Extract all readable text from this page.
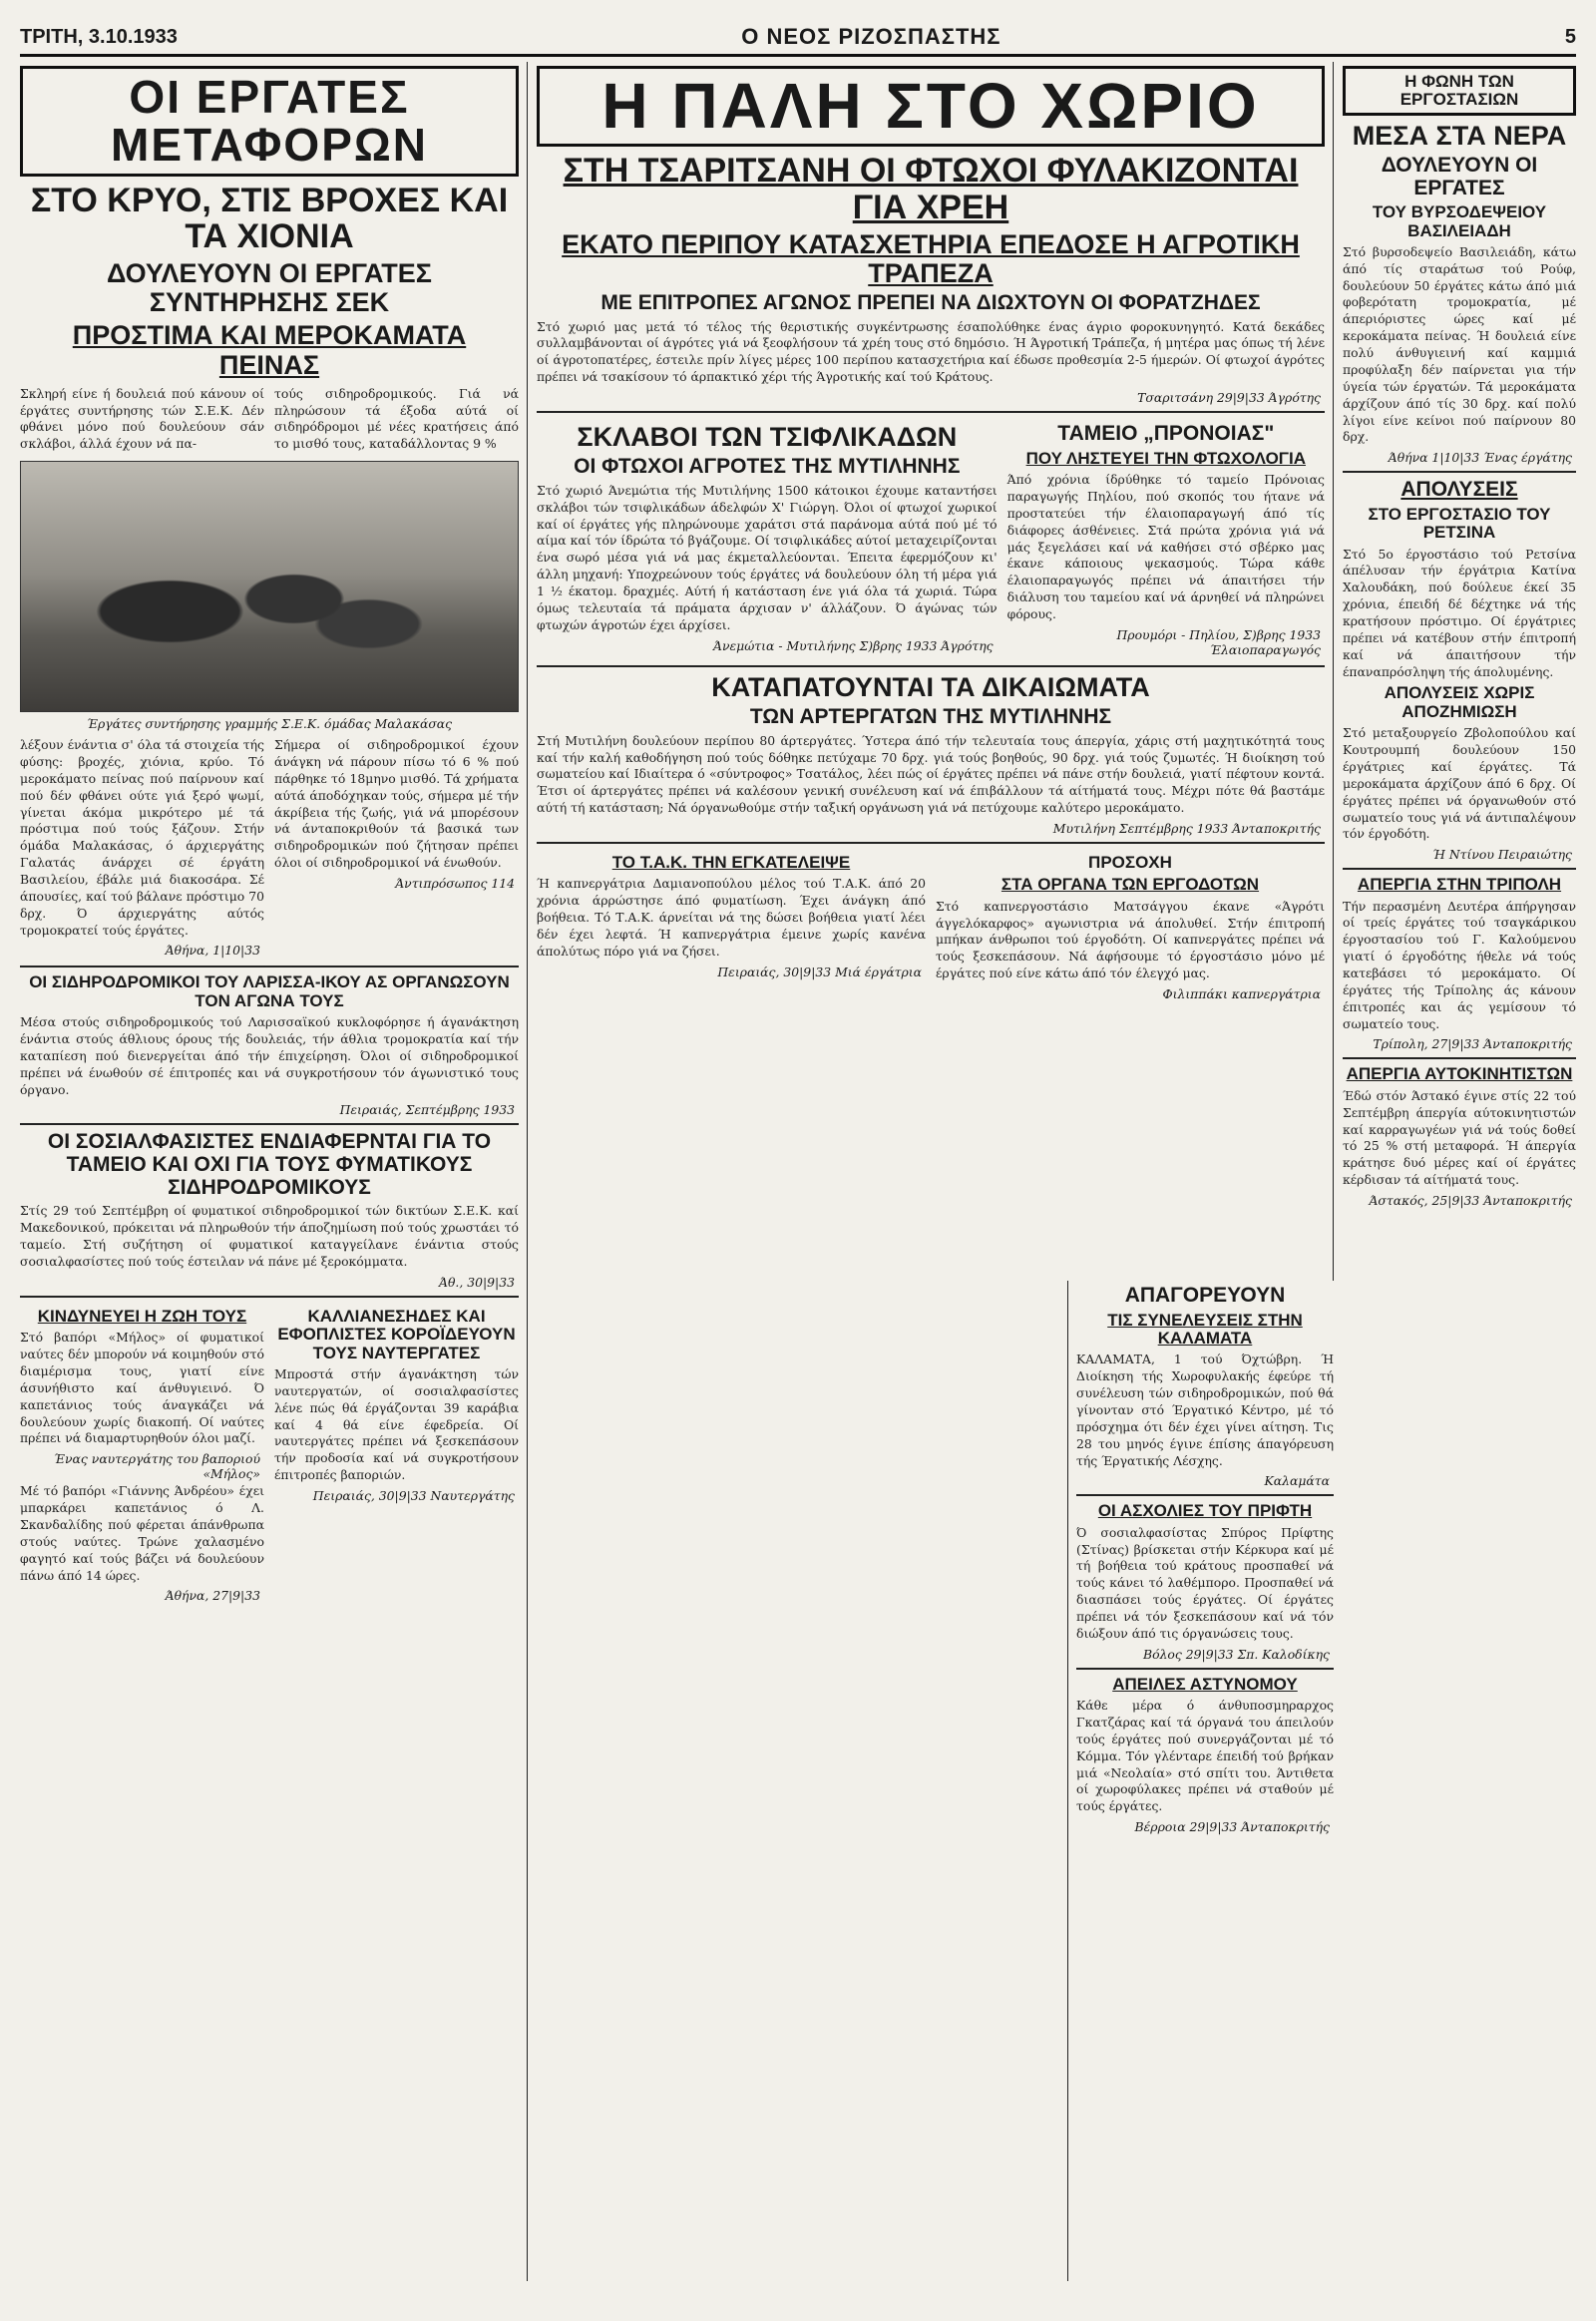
ΤΡΙΤΗ, 3.10.1933	Ο ΝΕΟΣ ΡΙΖΟΣΠΑΣΤΗΣ	5
ΟΙ ΕΡΓΑΤΕΣ ΜΕΤΑΦΟΡΩΝ
ΣΤΟ ΚΡΥΟ, ΣΤΙΣ ΒΡΟΧΕΣ ΚΑΙ ΤΑ ΧΙΟΝΙΑ
ΔΟΥΛΕΥΟΥΝ ΟΙ ΕΡΓΑΤΕΣ ΣΥΝΤΗΡΗΣΗΣ ΣΕΚ
ΠΡΟΣΤΙΜΑ ΚΑΙ ΜΕΡΟΚΑΜΑΤΑ ΠΕΙΝΑΣ
Σκληρή είνε ή δουλειά πού κάνουν οί έργάτες συντήρησης τών Σ.Ε.Κ. Δέν φθάνει μόνο πού δουλεύουν σάν σκλάβοι, άλλά έχουν νά πα-
τούς σιδηροδρομικούς. Γιά νά πληρώσουν τά έξοδα αύτά οί σιδηρόδρομοι μέ νέες κρατήσεις άπό το μισθό τους, καταδάλλοντας 9 %
Έργάτες συντήρησης γραμμής Σ.Ε.Κ. όμάδας Μαλακάσας
λέξουν ένάντια σ' όλα τά στοιχεία τής φύσης: βροχές, χιόνια, κρύο. Τό μεροκάματο πείνας πού παίρνουν καί πού δέν φθάνει ούτε γιά ξερό ψωμί, γίνεται άκόμα μικρότερο μέ τά πρόστιμα πού τούς ξάζουν. Στήν όμάδα Μαλακάσας, ό άρχιεργάτης Γαλατάς άνάρχει σέ έργάτη Βασιλείου, έβάλε μιά διακοσάρα. Σέ άπουσίες, καί τού βάλανε πρόστιμο 70 δρχ. Ό άρχιεργάτης αύτός τρομοκρατεί τούς έργάτες.
Άθήνα, 1|10|33
Σήμερα οί σιδηροδρομικοί έχουν άνάγκη νά πάρουν πίσω τό 6 % πού πάρθηκε τό 18μηνο μισθό. Τά χρήματα αύτά άποδόχηκαν τούς, σήμερα μέ τήν άκρίβεια τής ζωής, γιά νά μπορέσουν νά άνταποκριθούν τά βασικά των σιδηροδρομικών πού ζήτησαν πρέπει όλοι οί σιδηροδρομικοί νά ένωθούν.
Άντιπρόσωπος 114
ΟΙ ΣΙΔΗΡΟΔΡΟΜΙΚΟΙ ΤΟΥ ΛΑΡΙΣΣΑ-ΙΚΟΥ ΑΣ ΟΡΓΑΝΩΣΟΥΝ ΤΟΝ ΑΓΩΝΑ ΤΟΥΣ
Μέσα στούς σιδηροδρομικούς τού Λαρισσαϊκού κυκλοφόρησε ή άγανάκτηση ένάντια στούς άθλιους όρους τής δουλειάς, τήν άθλια τρομοκρατία καί τήν καταπίεση πού διενεργείται άπό τήν έπιχείρηση. Όλοι οί σιδηροδρομικοί πρέπει νά ένωθούν σέ έπιτροπές και νά συγκροτήσουν τόν άγωνιστικό τους όργανο.
Πειραιάς, Σεπτέμβρης 1933
ΟΙ ΣΟΣΙΑΛΦΑΣΙΣΤΕΣ ΕΝΔΙΑΦΕΡΝΤΑΙ ΓΙΑ ΤΟ ΤΑΜΕΙΟ ΚΑΙ ΟΧΙ ΓΙΑ ΤΟΥΣ ΦΥΜΑΤΙΚΟΥΣ ΣΙΔΗΡΟΔΡΟΜΙΚΟΥΣ
Στίς 29 τού Σεπτέμβρη οί φυματικοί σιδηροδρομικοί τών δικτύων Σ.Ε.Κ. καί Μακεδονικού, πρόκειται νά πληρωθούν τήν άποζημίωση πού τούς χρωστάει τό ταμείο. Στή συζήτηση οί φυματικοί καταγγείλανε ένάντια στούς σοσιαλφασίστες πού τούς έστειλαν νά πάνε μέ ξεροκόμματα.
Άθ., 30|9|33
ΚΙΝΔΥΝΕΥΕΙ Η ΖΩΗ ΤΟΥΣ
Στό βαπόρι «Μήλος» οί φυματικοί ναύτες δέν μπορούν νά κοιμηθούν στό διαμέρισμα τους, γιατί είνε άσυνήθιστο καί άνθυγιεινό. Ό καπετάνιος τούς άναγκάζει νά δουλεύουν χωρίς διακοπή. Οί ναύτες πρέπει νά διαμαρτυρηθούν όλοι μαζί.
Ένας ναυτεργάτης του βαποριού «Μήλος»
Μέ τό βαπόρι «Γιάννης Άνδρέου» έχει μπαρκάρει καπετάνιος ό Λ. Σκανδαλίδης πού φέρεται άπάνθρωπα στούς ναύτες. Τρώνε χαλασμένο φαγητό καί τούς βάζει νά δουλεύουν πάνω άπό 14 ώρες.
Άθήνα, 27|9|33
ΚΑΛΛΙΑΝΕΣΗΔΕΣ ΚΑΙ ΕΦΟΠΛΙΣΤΕΣ ΚΟΡΟΪΔΕΥΟΥΝ ΤΟΥΣ ΝΑΥΤΕΡΓΑΤΕΣ
Μπροστά στήν άγανάκτηση τών ναυτεργατών, οί σοσιαλφασίστες λένε πώς θά έργάζονται 39 καράβια καί 4 θά είνε έφεδρεία. Οί ναυτεργάτες πρέπει νά ξεσκεπάσουν τήν προδοσία καί νά συγκροτήσουν έπιτροπές βαποριών.
Πειραιάς, 30|9|33 Ναυτεργάτης
Η ΠΑΛΗ ΣΤΟ ΧΩΡΙΟ
ΣΤΗ ΤΣΑΡΙΤΣΑΝΗ ΟΙ ΦΤΩΧΟΙ ΦΥΛΑΚΙΖΟΝΤΑΙ ΓΙΑ ΧΡΕΗ
ΕΚΑΤΟ ΠΕΡΙΠΟΥ ΚΑΤΑΣΧΕΤΗΡΙΑ ΕΠΕΔΟΣΕ Η ΑΓΡΟΤΙΚΗ ΤΡΑΠΕΖΑ
ΜΕ ΕΠΙΤΡΟΠΕΣ ΑΓΩΝΟΣ ΠΡΕΠΕΙ ΝΑ ΔΙΩΧΤΟΥΝ ΟΙ ΦΟΡΑΤΖΗΔΕΣ
Στό χωριό μας μετά τό τέλος τής θεριστικής συγκέντρωσης έσαπολύθηκε ένας άγριο φοροκυνηγητό. Κατά δεκάδες συλλαμβάνονται οί άγρότες γιά νά ξεοφλήσουν τά χρέη τους στό δημόσιο. Ή Άγροτική Τράπεζα, ή μητέρα μας όπως τή λένε οί άγροτοπατέρες, έστειλε πρίν λίγες μέρες 100 περίπου κατασχετήρια καί έδωσε προθεσμία 2-5 ήμερών. Οί φτωχοί άγρότες πρέπει νά τσακίσουν τό άρπακτικό χέρι τής Άγροτικής καί τού Κράτους.
Τσαριτσάνη 29|9|33 Άγρότης
ΣΚΛΑΒΟΙ ΤΩΝ ΤΣΙΦΛΙΚΑΔΩΝ
ΟΙ ΦΤΩΧΟΙ ΑΓΡΟΤΕΣ ΤΗΣ ΜΥΤΙΛΗΝΗΣ
Στό χωριό Άνεμώτια τής Μυτιλήνης 1500 κάτοικοι έχουμε καταντήσει σκλάβοι τών τσιφλικάδων άδελφών Χ' Γιώργη. Όλοι οί φτωχοί χωρικοί καί οί έργάτες γής πληρώνουμε χαράτσι στά παράνομα αύτά πού μέ τό αίμα καί τόν ίδρώτα τό βγάζουμε. Οί τσιφλικάδες αύτοί μεταχειρίζονται ένα σωρό μέσα γιά νά μας έκμεταλλεύονται. Έπειτα έφερμόζουν κι' άλλη μηχανή: Υποχρεώνουν τούς έργάτες νά δουλεύουν όλη τή μέρα γιά 1 ½ έκατομ. δραχμές. Αύτή ή κατάσταση ένε γιά όλα τά χωριά. Τώρα όμως τελευταία τά πράματα άρχισαν ν' άλλάζουν. Ό άγώνας τών φτωχών άγροτών έχει άρχίσει.
Άνεμώτια - Μυτιλήνης Σ)βρης 1933 Άγρότης
ΤΑΜΕΙΟ „ΠΡΟΝΟΙΑΣ"
ΠΟΥ ΛΗΣΤΕΥΕΙ ΤΗΝ ΦΤΩΧΟΛΟΓΙΑ
Άπό χρόνια ίδρύθηκε τό ταμείο Πρόνοιας παραγωγής Πηλίου, πού σκοπός του ήτανε νά προστατεύει τήν έλαιοπαραγωγή άπό τίς διάφορες άσθένειες. Στά πρώτα χρόνια γιά νά μάς ξεγελάσει καί νά καθήσει στό σβέρκο μας έκανε κάποιους ψεκασμούς. Τώρα κάθε έλαιοπαραγωγός πρέπει νά άπαιτήσει τήν διάλυση του ταμείου καί νά άρνηθεί νά πληρώνει φόρους.
Προυμόρι - Πηλίου, Σ)βρης 1933 Έλαιοπαραγωγός
ΚΑΤΑΠΑΤΟΥΝΤΑΙ ΤΑ ΔΙΚΑΙΩΜΑΤΑ
ΤΩΝ ΑΡΤΕΡΓΑΤΩΝ ΤΗΣ ΜΥΤΙΛΗΝΗΣ
Στή Μυτιλήνη δουλεύουν περίπου 80 άρτεργάτες. Ύστερα άπό τήν τελευταία τους άπεργία, χάρις στή μαχητικότητά τους καί τήν καλή καθοδήγηση πού τούς δόθηκε πετύχαμε 70 δρχ. γιά τούς βοηθούς, 90 δρχ. γιά τούς ζυμωτές. Ή διοίκηση τού σωματείου καί Ιδιαίτερα ό «σύντροφος» Τσατάλος, λέει πώς οί έργάτες πρέπει νά πάνε στήν δουλειά, γιατί πέφτουν κοντά. Έτσι οί άρτεργάτες πρέπει νά καλέσουν γενική συνέλευση καί νά έπιβάλλουν τά αίτήματά τους. Μέχρι πότε θά βαστάμε αύτή τή κατάσταση; Νά όργανωθούμε στήν ταξική οργάνωση γιά νά πετύχουμε καλύτερο μεροκάματο.
Μυτιλήνη Σεπτέμβρης 1933 Άνταποκριτής
ΤΟ Τ.Α.Κ. ΤΗΝ ΕΓΚΑΤΕΛΕΙΨΕ
Ή καπνεργάτρια Δαμιανοπούλου μέλος τού Τ.Α.Κ. άπό 20 χρόνια άρρώστησε άπό φυματίωση. Έχει άνάγκη άπό βοήθεια. Τό Τ.Α.Κ. άρνείται νά της δώσει βοήθεια γιατί λέει δέν έχει λεφτά. Ή καπνεργάτρια έμεινε χωρίς κανένα άπολύτως πόρο γιά να ζήσει.
Πειραιάς, 30|9|33 Μιά έργάτρια
ΠΡΟΣΟΧΗ
ΣΤΑ ΟΡΓΑΝΑ ΤΩΝ ΕΡΓΟΔΟΤΩΝ
Στό καπνεργοστάσιο Ματσάγγου έκανε «Άγρότι άγγελόκαρφος» αγωνιστρια νά άπολυθεί. Στήν έπιτροπή μπήκαν άνθρωποι τού έργοδότη. Οί καπνεργάτες πρέπει νά τούς ξεσκεπάσουν. Νά άφήσουμε τό έργοστάσιο μόνο μέ έργάτες πού είνε κάτω άπό τόν έλεγχό μας.
Φιλιππάκι καπνεργάτρια
Η ΦΩΝΗ ΤΩΝ ΕΡΓΟΣΤΑΣΙΩΝ
ΜΕΣΑ ΣΤΑ ΝΕΡΑ
ΔΟΥΛΕΥΟΥΝ ΟΙ ΕΡΓΑΤΕΣ
ΤΟΥ ΒΥΡΣΟΔΕΨΕΙΟΥ ΒΑΣΙΛΕΙΑΔΗ
Στό βυρσοδεψείο Βασιλειάδη, κάτω άπό τίς σταράτωσ τού Ρούφ, δουλεύουν 50 έργάτες κάτω άπό μιά φοβερότατη τρομοκρατία, μέ άπεριόριστες ώρες καί μέ κεροκάματα πείνας. Ή δουλειά είνε πολύ άνθυγιεινή καί καμμιά προφύλαξη δέν παίρνεται για τήν ύγεία τών έργατών. Τά μεροκάματα άρχίζουν άπό τίς 30 δρχ. καί πολύ λίγοι είνε κείνοι πού παίρνουν 80 δρχ.
Άθήνα 1|10|33 Ένας έργάτης
ΑΠΟΛΥΣΕΙΣ
ΣΤΟ ΕΡΓΟΣΤΑΣΙΟ ΤΟΥ ΡΕΤΣΙΝΑ
Στό 5ο έργοστάσιο τού Ρετσίνα άπέλυσαν τήν έργάτρια Κατίνα Χαλουδάκη, πού δούλευε έκεί 35 χρόνια, έπειδή δέ δέχτηκε νά τής κρατήσουν πρόστιμο. Οί έργάτριες πρέπει νά κατέβουν στήν έπιτροπή καί νά άπαιτήσουν τήν έπαναπρόσληψη τής άπολυμένης.
ΑΠΟΛΥΣΕΙΣ ΧΩΡΙΣ ΑΠΟΖΗΜΙΩΣΗ
Στό μεταξουργείο Ζβολοπούλου καί Κουτρουμπή δουλεύουν 150 έργάτριες καί έργάτες. Τά μεροκάματα άρχίζουν άπό 6 δρχ. Οί έργάτες πρέπει νά όργανωθούν στό σωματείο τους γιά νά άντιπαλέψουν τόν έργοδότη.
Ή Ντίνου Πειραιώτης
ΑΠΕΡΓΙΑ ΣΤΗΝ ΤΡΙΠΟΛΗ
Τήν περασμένη Δευτέρα άπήργησαν οί τρείς έργάτες τού τσαγκάρικου έργοστασίου τού Γ. Καλούμενου γιατί ό έργοδότης ήθελε νά τούς κατεβάσει τό μεροκάματο. Οί έργάτες τής Τρίπολης άς κάνουν έπιτροπές και άς γεμίσουν τό σωματείο τους.
Τρίπολη, 27|9|33 Άνταποκριτής
ΑΠΕΡΓΙΑ ΑΥΤΟΚΙΝΗΤΙΣΤΩΝ
Έδώ στόν Άστακό έγινε στίς 22 τού Σεπτέμβρη άπεργία αύτοκινητιστών καί καρραγωγέων γιά νά τούς δοθεί τό 25 % στή μεταφορά. Ή άπεργία κράτησε δυό μέρες καί οί έργάτες κέρδισαν τά αίτήματά τους.
Άστακός, 25|9|33 Άνταποκριτής
ΑΠΑΓΟΡΕΥΟΥΝ
ΤΙΣ ΣΥΝΕΛΕΥΣΕΙΣ ΣΤΗΝ ΚΑΛΑΜΑΤΑ
ΚΑΛΑΜΑΤΑ, 1 τού Όχτώβρη. Ή Διοίκηση τής Χωροφυλακής έφεύρε τή συνέλευση τών σιδηροδρομικών, πού θά γίνονταν στό Έργατικό Κέντρο, μέ τό πρόσχημα ότι δέν έχει γίνει αίτηση. Τις 28 του μηνός έγινε έπίσης άπαγόρευση τής Έργατικής Λέσχης.
Καλαμάτα
ΟΙ ΑΣΧΟΛΙΕΣ ΤΟΥ ΠΡΙΦΤΗ
Ό σοσιαλφασίστας Σπύρος Πρίφτης (Στίνας) βρίσκεται στήν Κέρκυρα καί μέ τή βοήθεια τού κράτους προσπαθεί νά τούς κάνει τό λαθέμπορο. Προσπαθεί νά διασπάσει τούς έργάτες. Οί έργάτες πρέπει νά τόν ξεσκεπάσουν καί νά τόν διώξουν άπό τις όργανώσεις τους.
Βόλος 29|9|33 Σπ. Καλοδίκης
ΑΠΕΙΛΕΣ ΑΣΤΥΝΟΜΟΥ
Κάθε μέρα ό άνθυποσμηραρχος Γκατζάρας καί τά όργανά του άπειλούν τούς έργάτες πού συνεργάζονται μέ τό Κόμμα. Τόν γλένταρε έπειδή τού βρήκαν μιά «Νεολαία» στό σπίτι του. Άντιθετα οί χωροφύλακες πρέπει νά σταθούν μέ τούς έργάτες.
Βέρροια 29|9|33 Άνταποκριτής
